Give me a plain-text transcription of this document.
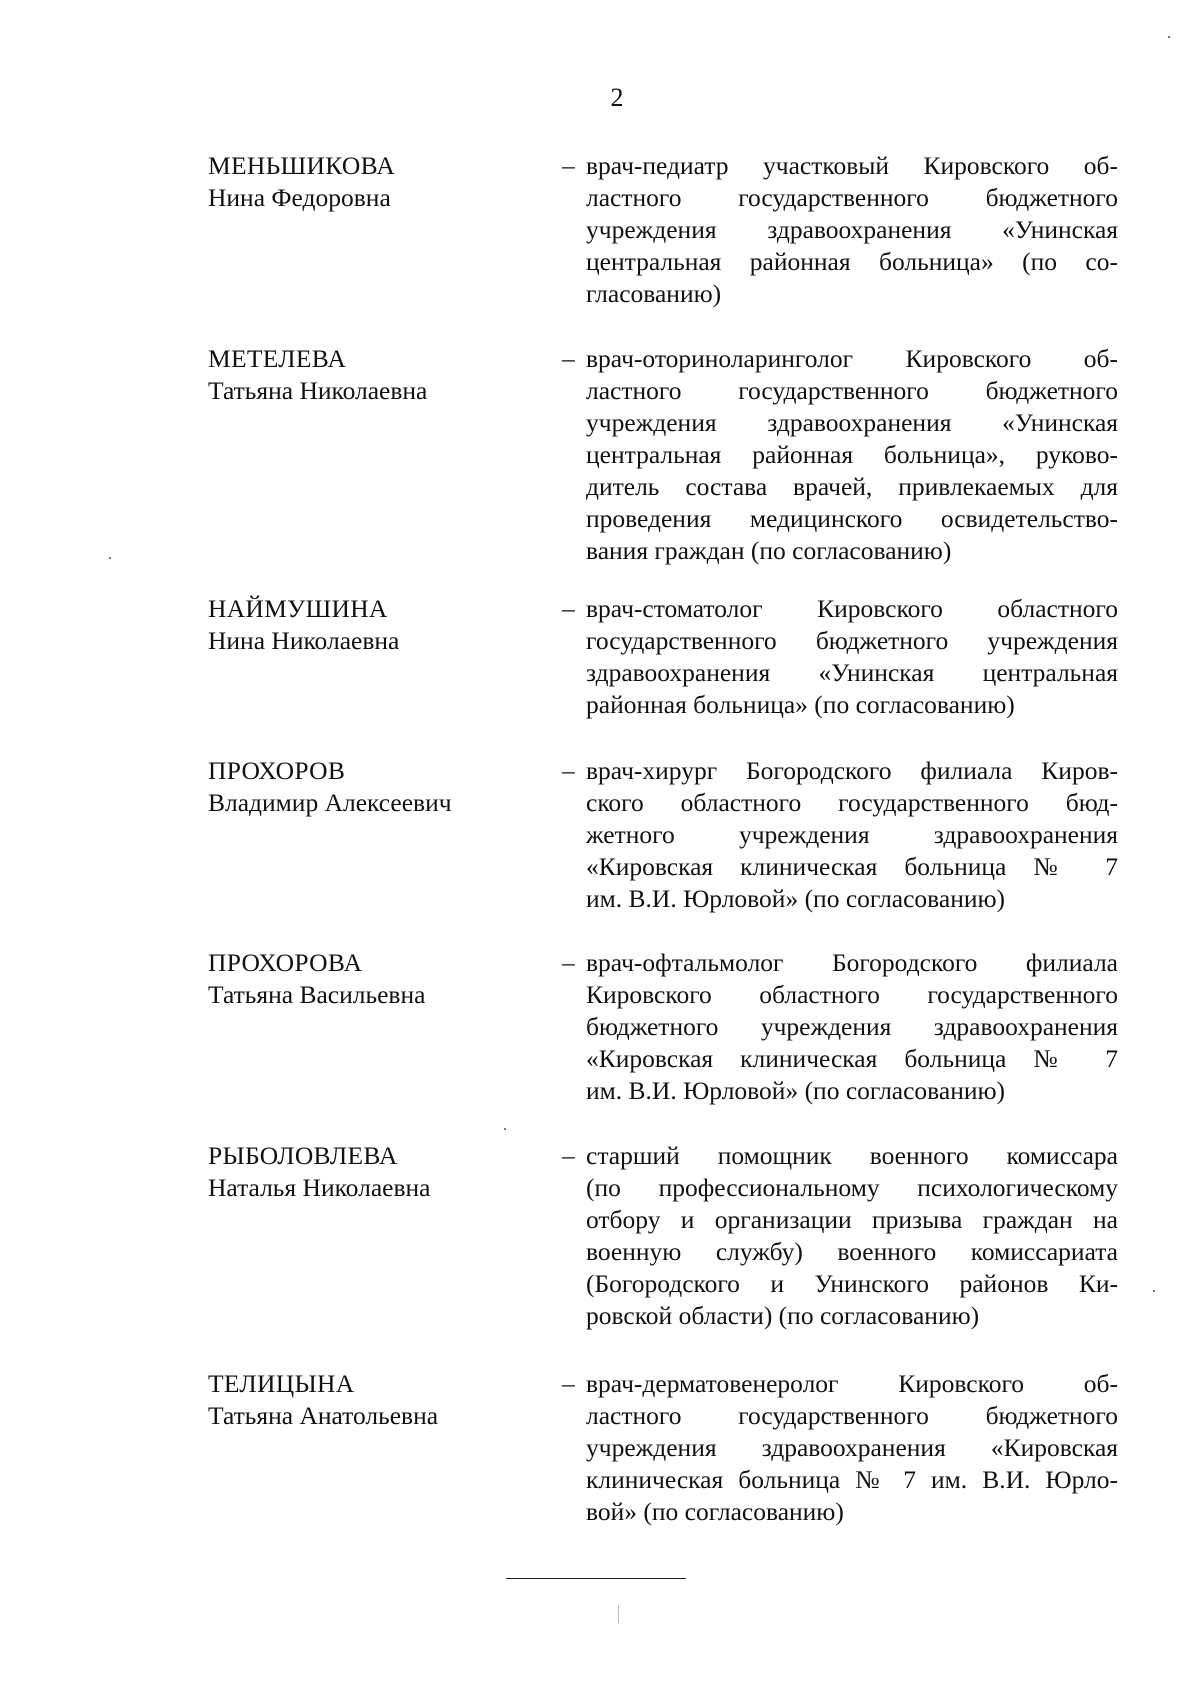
2
МЕНЬШИКОВА
Нина Федоровна
– врач-педиатр участковый Кировского об-
ластного государственного бюджетного
учреждения здравоохранения «Унинская
центральная районная больница» (по со-
гласованию)
МЕТЕЛЕВА
Татьяна Николаевна
– врач-оториноларинголог Кировского об-
ластного государственного бюджетного
учреждения здравоохранения «Унинская
центральная районная больница», руково-
дитель состава врачей, привлекаемых для
проведения медицинского освидетельство-
вания граждан (по согласованию)
НАЙМУШИНА
Нина Николаевна
– врач-стоматолог Кировского областного
государственного бюджетного учреждения
здравоохранения «Унинская центральная
районная больница» (по согласованию)
ПРОХОРОВ
Владимир Алексеевич
– врач-хирург Богородского филиала Киров-
ского областного государственного бюд-
жетного учреждения здравоохранения
«Кировская клиническая больница № 7
им. В.И. Юрловой» (по согласованию)
ПРОХОРОВА
Татьяна Васильевна
– врач-офтальмолог Богородского филиала
Кировского областного государственного
бюджетного учреждения здравоохранения
«Кировская клиническая больница № 7
им. В.И. Юрловой» (по согласованию)
РЫБОЛОВЛЕВА
Наталья Николаевна
– старший помощник военного комиссара
(по профессиональному психологическому
отбору и организации призыва граждан на
военную службу) военного комиссариата
(Богородского и Унинского районов Ки-
ровской области) (по согласованию)
ТЕЛИЦЫНА
Татьяна Анатольевна
– врач-дерматовенеролог Кировского об-
ластного государственного бюджетного
учреждения здравоохранения «Кировская
клиническая больница № 7 им. В.И. Юрло-
вой» (по согласованию)
